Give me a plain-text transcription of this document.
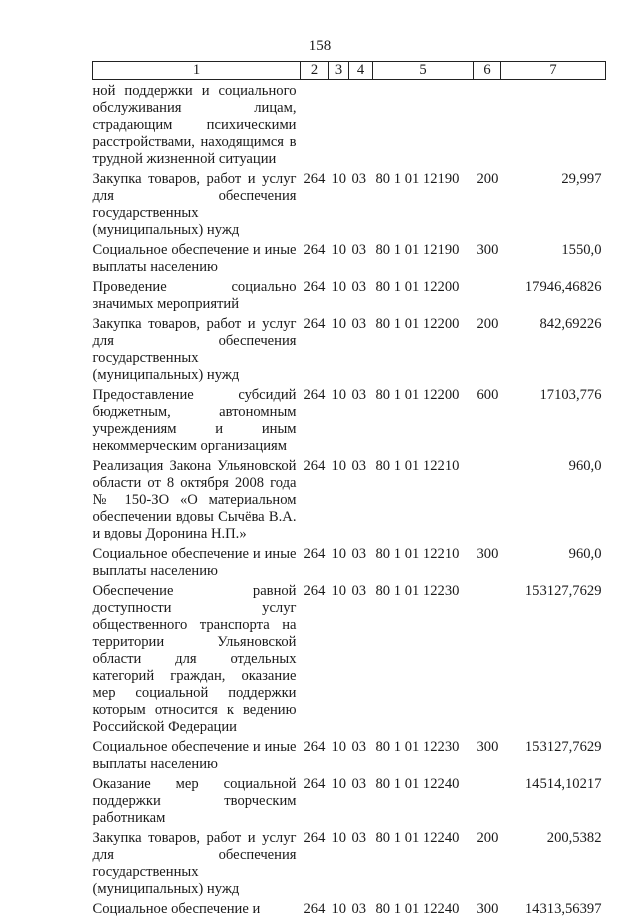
158
1	2	3	4	5	6	7
ной поддержки и социального обслуживания лицам, страдающим психическими расстройствами, находящимся в трудной жизненной ситуации						
Закупка товаров, работ и услуг для обеспечения государственных (муниципальных) нужд	264	10	03	80 1 01 12190	200	29,997
Социальное обеспечение и иные выплаты населению	264	10	03	80 1 01 12190	300	1550,0
Проведение социально значимых мероприятий	264	10	03	80 1 01 12200		17946,46826
Закупка товаров, работ и услуг для обеспечения государственных (муниципальных) нужд	264	10	03	80 1 01 12200	200	842,69226
Предоставление субсидий бюджетным, автономным учреждениям и иным некоммерческим организациям	264	10	03	80 1 01 12200	600	17103,776
Реализация Закона Ульяновской области от 8 октября 2008 года № 150-ЗО «О материальном обеспечении вдовы Сычёва В.А. и вдовы Доронина Н.П.»	264	10	03	80 1 01 12210		960,0
Социальное обеспечение и иные выплаты населению	264	10	03	80 1 01 12210	300	960,0
Обеспечение равной доступности услуг общественного транспорта на территории Ульяновской области для отдельных категорий граждан, оказание мер социальной поддержки которым относится к ведению Российской Федерации	264	10	03	80 1 01 12230		153127,7629
Социальное обеспечение и иные выплаты населению	264	10	03	80 1 01 12230	300	153127,7629
Оказание мер социальной поддержки творческим работникам	264	10	03	80 1 01 12240		14514,10217
Закупка товаров, работ и услуг для обеспечения государственных (муниципальных) нужд	264	10	03	80 1 01 12240	200	200,5382
Социальное обеспечение и	264	10	03	80 1 01 12240	300	14313,56397
